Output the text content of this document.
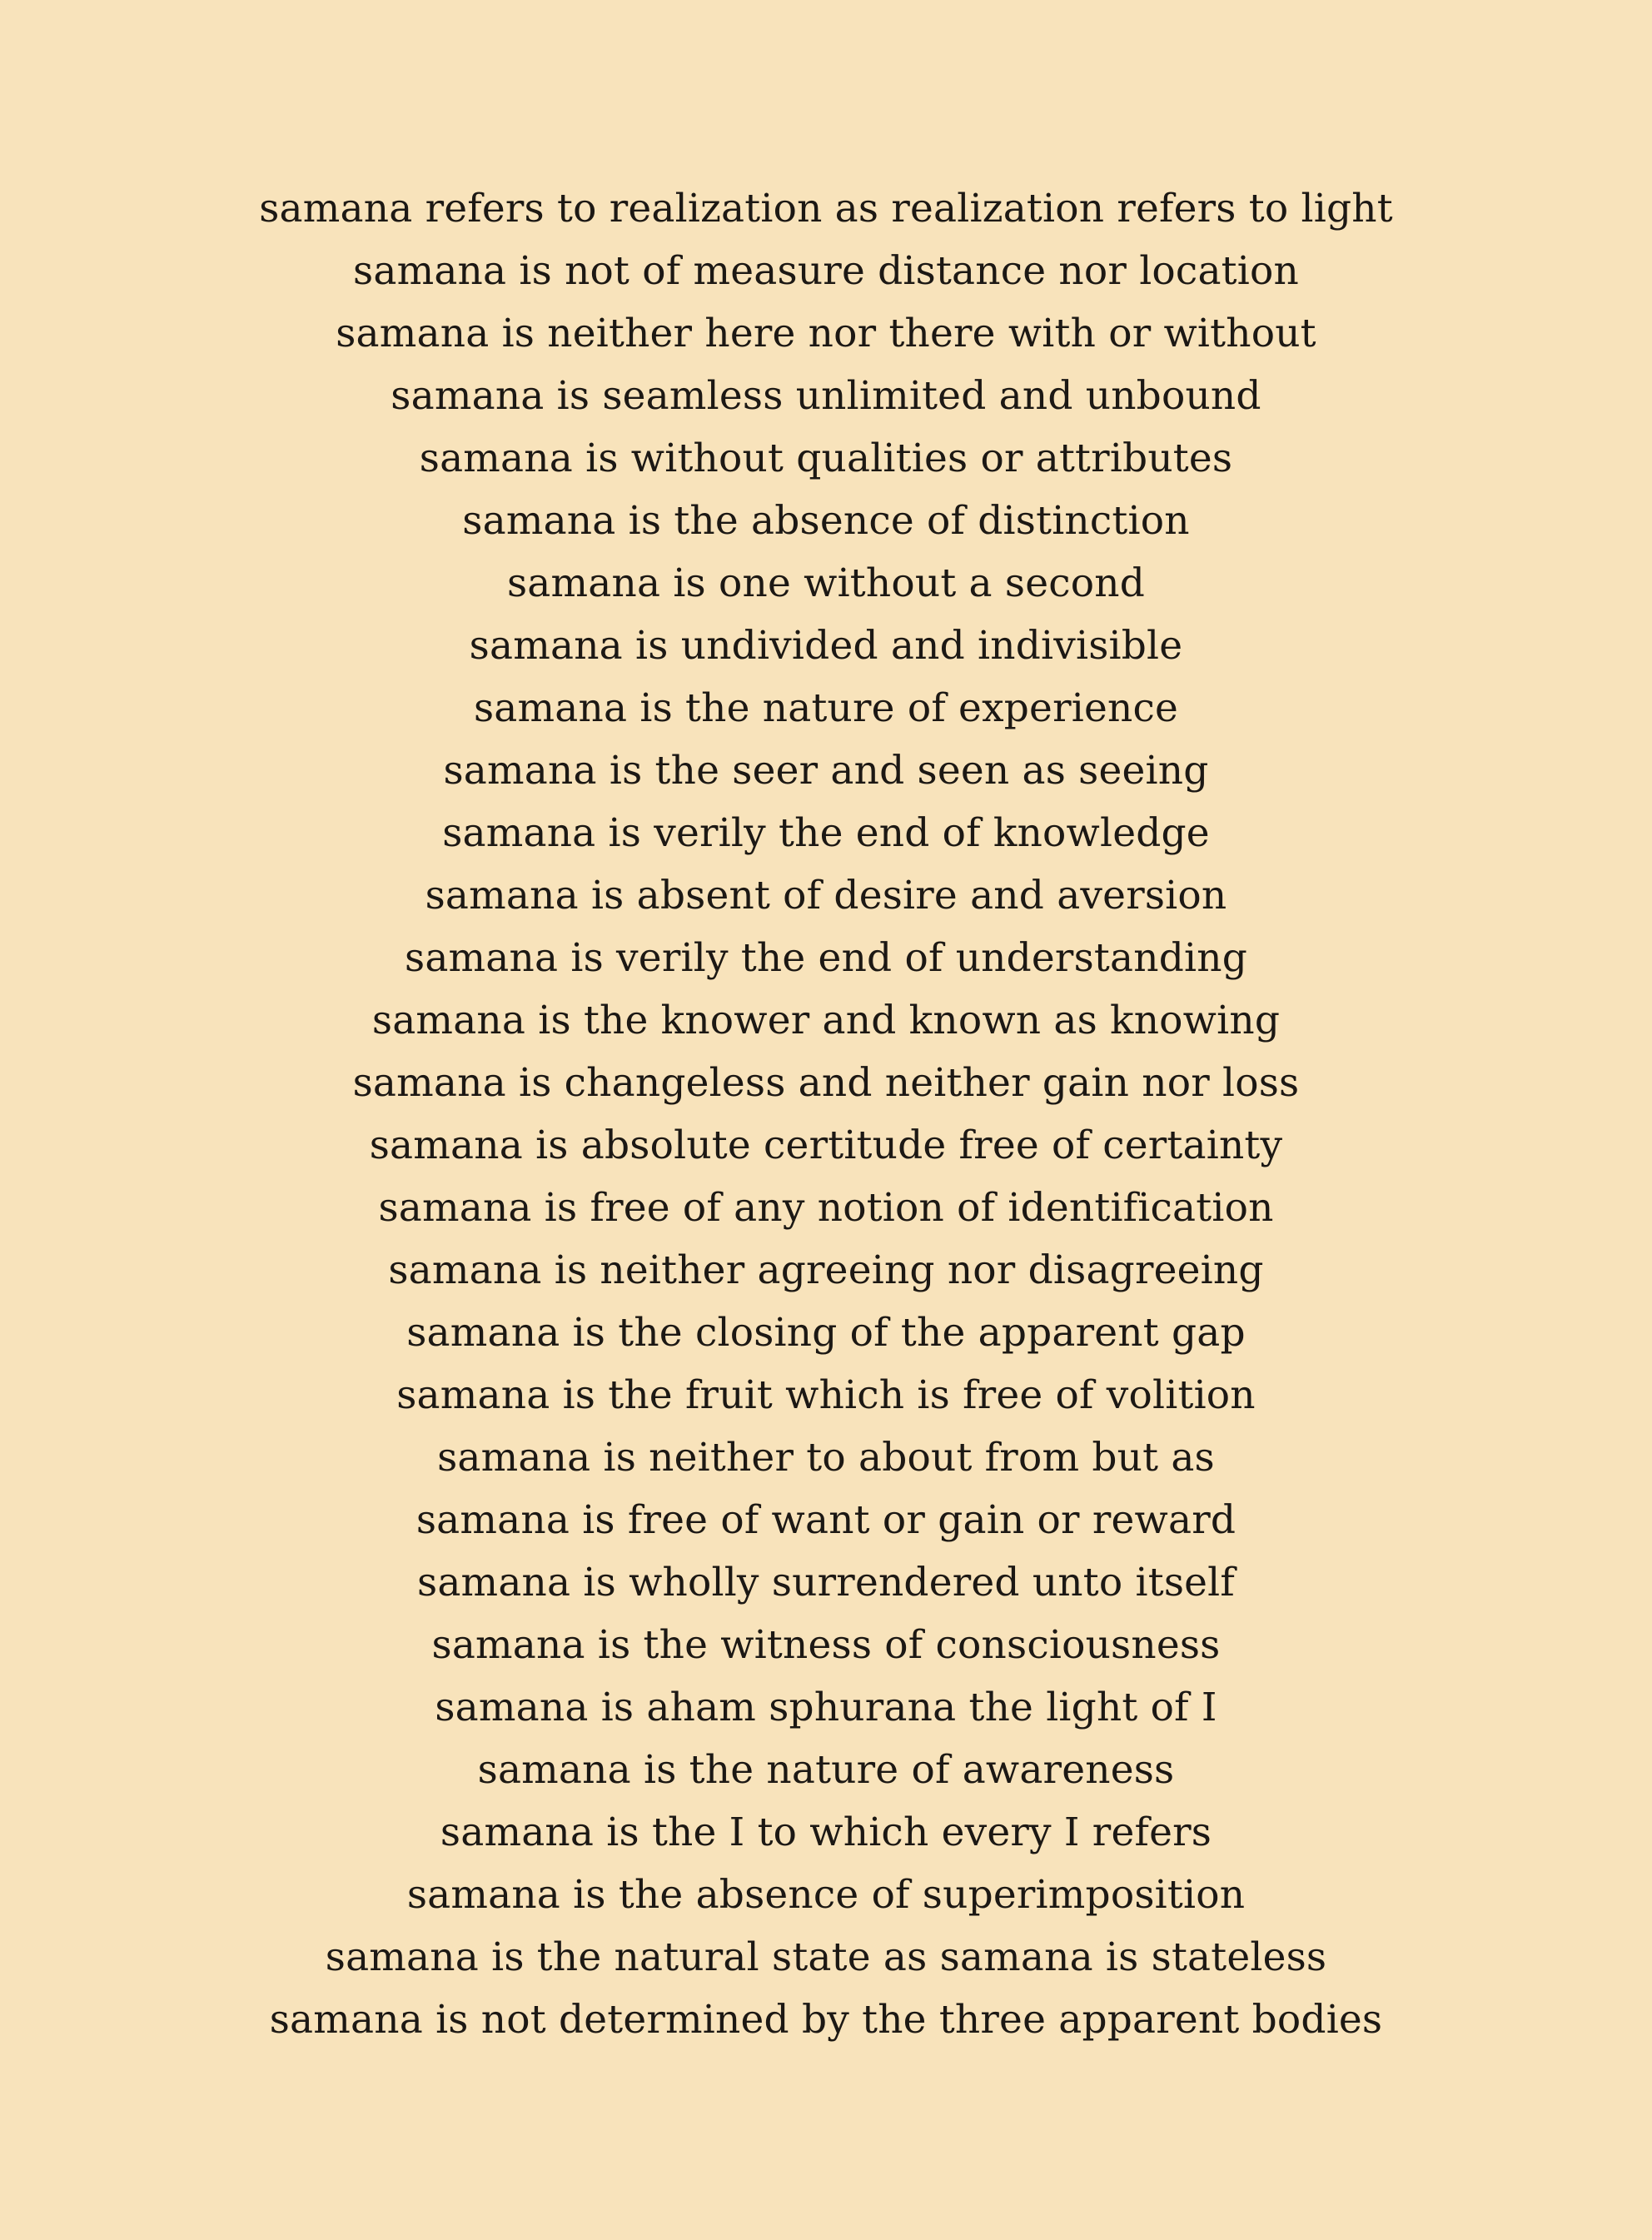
samana refers to realization as realization refers to light
samana is not of measure distance nor location
samana is neither here nor there with or without
samana is seamless unlimited and unbound
samana is without qualities or attributes
samana is the absence of distinction
samana is one without a second
samana is undivided and indivisible
samana is the nature of experience
samana is the seer and seen as seeing
samana is verily the end of knowledge
samana is absent of desire and aversion
samana is verily the end of understanding
samana is the knower and known as knowing
samana is changeless and neither gain nor loss
samana is absolute certitude free of certainty
samana is free of any notion of identification
samana is neither agreeing nor disagreeing
samana is the closing of the apparent gap
samana is the fruit which is free of volition
samana is neither to about from but as
samana is free of want or gain or reward
samana is wholly surrendered unto itself
samana is the witness of consciousness
samana is aham sphurana the light of I
samana is the nature of awareness
samana is the I to which every I refers
samana is the absence of superimposition
samana is the natural state as samana is stateless
samana is not determined by the three apparent bodies
